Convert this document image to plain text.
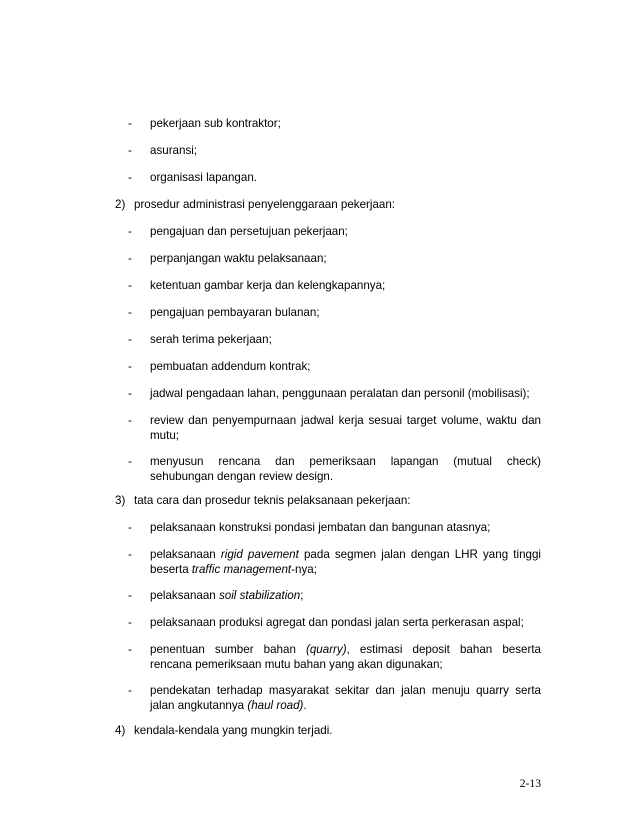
- pekerjaan sub kontraktor;
- asuransi;
- organisasi lapangan.
2) prosedur administrasi penyelenggaraan pekerjaan:
- pengajuan dan persetujuan pekerjaan;
- perpanjangan waktu pelaksanaan;
- ketentuan gambar kerja dan kelengkapannya;
- pengajuan pembayaran bulanan;
- serah terima pekerjaan;
- pembuatan addendum kontrak;
- jadwal pengadaan lahan, penggunaan peralatan dan personil (mobilisasi);
- review dan penyempurnaan jadwal kerja sesuai target volume, waktu dan
mutu;
- menyusun rencana dan pemeriksaan lapangan (mutual check)
sehubungan dengan review design.
3) tata cara dan prosedur teknis pelaksanaan pekerjaan:
- pelaksanaan konstruksi pondasi jembatan dan bangunan atasnya;
- pelaksanaan rigid pavement pada segmen jalan dengan LHR yang tinggi
beserta traffic management-nya;
- pelaksanaan soil stabilization;
- pelaksanaan produksi agregat dan pondasi jalan serta perkerasan aspal;
- penentuan sumber bahan (quarry), estimasi deposit bahan beserta
rencana pemeriksaan mutu bahan yang akan digunakan;
- pendekatan terhadap masyarakat sekitar dan jalan menuju quarry serta
jalan angkutannya (haul road).
4) kendala-kendala yang mungkin terjadi.
2-13
